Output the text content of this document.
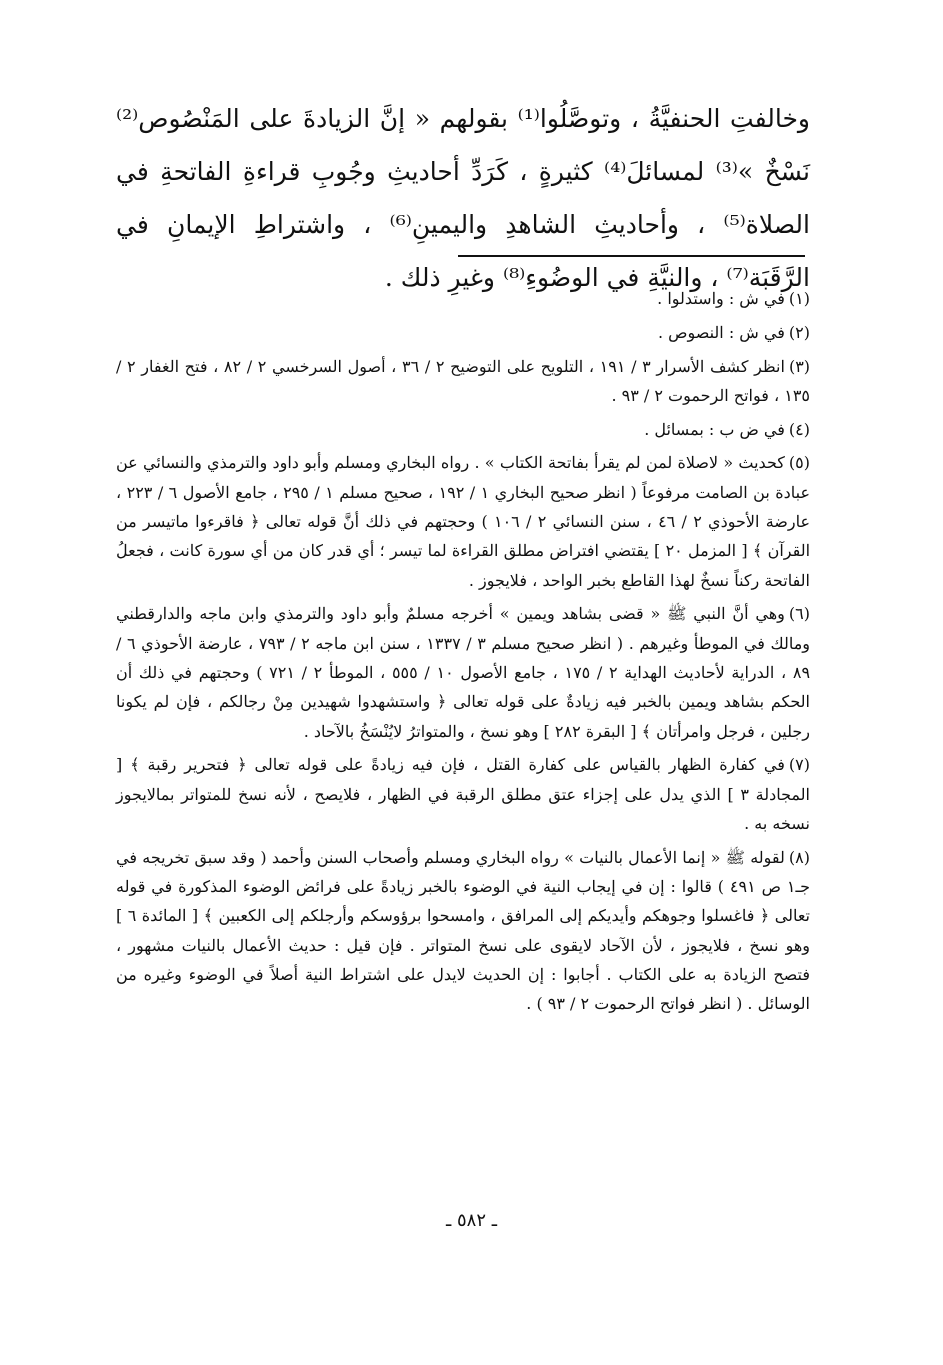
وخالفتِ الحنفيَّةُ ، وتوصَّلُوا⁽¹⁾ بقولهم « إنَّ الزيادةَ على المَنْصُوص⁽²⁾ نَسْخٌ »⁽³⁾ لمسائلَ⁽⁴⁾ كثيرةٍ ، كَرَدِّ أحاديثِ وجُوبِ قراءةِ الفاتحةِ في الصلاة⁽⁵⁾ ، وأحاديثِ الشاهدِ واليمينِ⁽⁶⁾ ، واشتراطِ الإيمانِ في الرَّقَبَة⁽⁷⁾ ، والنيَّةِ في الوضُوءِ⁽⁸⁾ وغيرِ ذلك .

(١)في ش : واستدلوا .

(٢)في ش : النصوص .

(٣)انظر كشف الأسرار ٣ / ١٩١ ، التلويح على التوضيح ٢ / ٣٦ ، أصول السرخسي ٢ / ٨٢ ، فتح الغفار ٢ / ١٣٥ ، فواتح الرحموت ٢ / ٩٣ .

(٤)في ض ب : بمسائل .

(٥)كحديث « لاصلاة لمن لم يقرأ بفاتحة الكتاب » . رواه البخاري ومسلم وأبو داود والترمذي والنسائي عن عبادة بن الصامت مرفوعاً ( انظر صحيح البخاري ١ / ١٩٢ ، صحيح مسلم ١ / ٢٩٥ ، جامع الأصول ٦ / ٢٢٣ ، عارضة الأحوذي ٢ / ٤٦ ، سنن النسائي ٢ / ١٠٦ ) وحجتهم في ذلك أنَّ قوله تعالى ﴿ فاقرءوا ماتيسر من القرآن ﴾ [ المزمل ٢٠ ] يقتضي افتراض مطلق القراءة لما تيسر ؛ أي قدر كان من أي سورة كانت ، فجعلُ الفاتحة ركناً نسخٌ لهذا القاطع بخبر الواحد ، فلايجوز .

(٦)وهي أنَّ النبي ﷺ « قضى بشاهد ويمين » أخرجه مسلمٌ وأبو داود والترمذي وابن ماجه والدارقطني ومالك في الموطأ وغيرهم . ( انظر صحيح مسلم ٣ / ١٣٣٧ ، سنن ابن ماجه ٢ / ٧٩٣ ، عارضة الأحوذي ٦ / ٨٩ ، الدراية لأحاديث الهداية ٢ / ١٧٥ ، جامع الأصول ١٠ / ٥٥٥ ، الموطأ ٢ / ٧٢١ ) وحجتهم في ذلك أن الحكم بشاهد ويمين بالخبر فيه زيادةٌ على قوله تعالى ﴿ واستشهدوا شهيدين مِنْ رجالكم ، فإن لم يكونا رجلين ، فرجل وامرأتان ﴾ [ البقرة ٢٨٢ ] وهو نسخ ، والمتواترُ لايُنْسَخُ بالآحاد .

(٧)في كفارة الظهار بالقياس على كفارة القتل ، فإن فيه زيادةً على قوله تعالى ﴿ فتحرير رقبة ﴾ [ المجادلة ٣ ] الذي يدل على إجزاء عتق مطلق الرقبة في الظهار ، فلايصح ، لأنه نسخ للمتواتر بمالايجوز نسخه به .

(٨)لقوله ﷺ « إنما الأعمال بالنيات » رواه البخاري ومسلم وأصحاب السنن وأحمد ( وقد سبق تخريجه في جـ١ ص ٤٩١ ) قالوا : إن في إيجاب النية في الوضوء بالخبر زيادةً على فرائض الوضوء المذكورة في قوله تعالى ﴿ فاغسلوا وجوهكم وأيديكم إلى المرافق ، وامسحوا برؤوسكم وأرجلكم إلى الكعبين ﴾ [ المائدة ٦ ] وهو نسخ ، فلايجوز ، لأن الآحاد لايقوى على نسخ المتواتر . فإن قيل : حديث الأعمال بالنيات مشهور ، فتصح الزيادة به على الكتاب . أجابوا : إن الحديث لايدل على اشتراط النية أصلاً في الوضوء وغيره من الوسائل . ( انظر فواتح الرحموت ٢ / ٩٣ ) .

ـ ٥٨٢ ـ
